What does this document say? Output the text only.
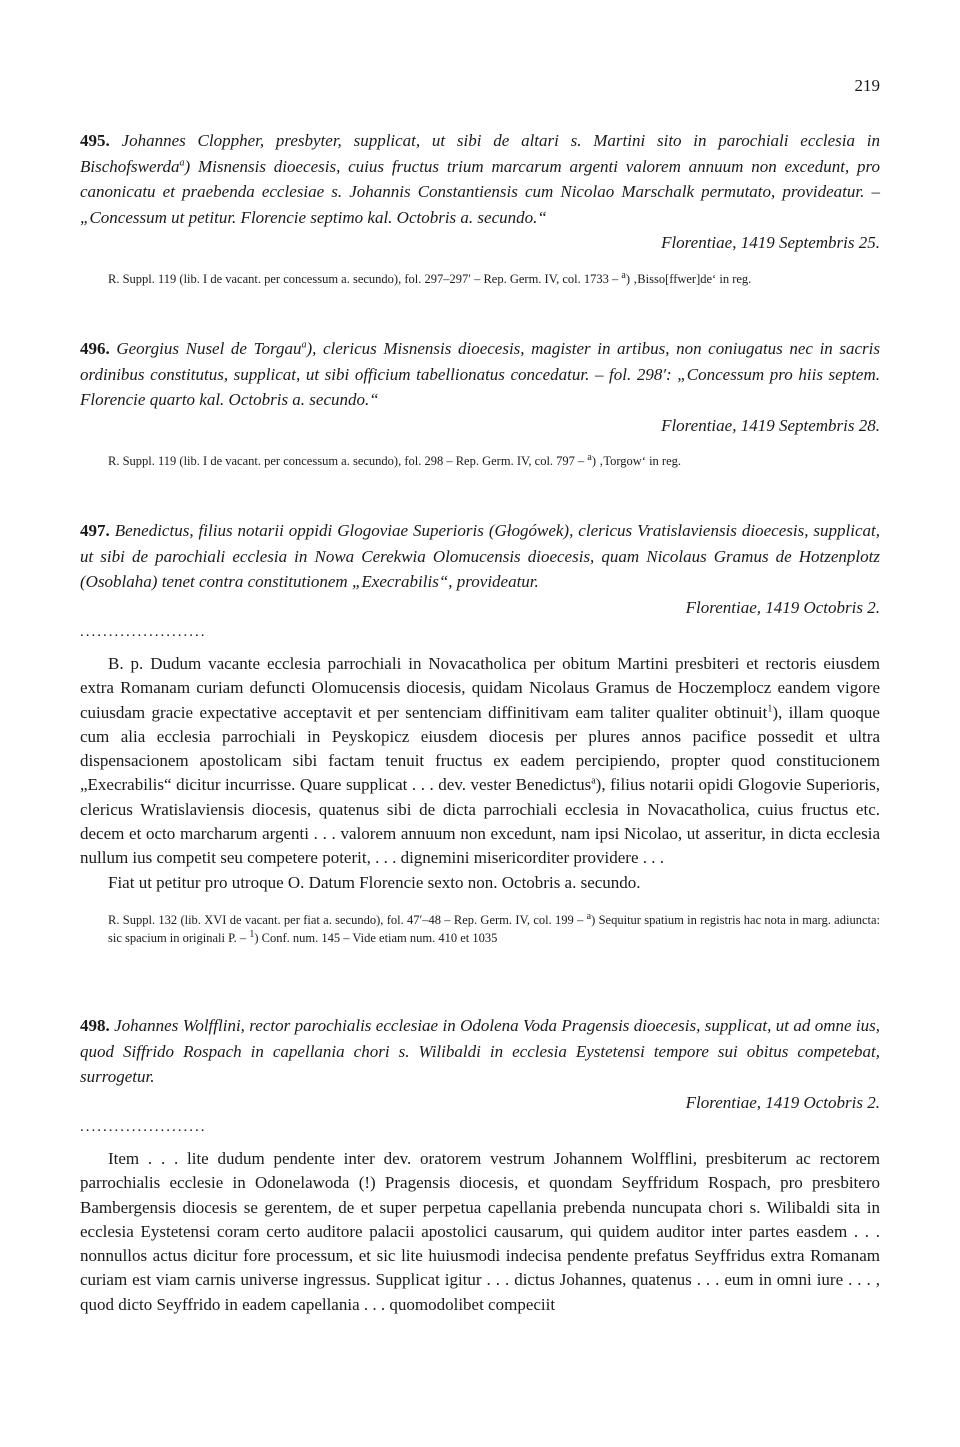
219

495. Johannes Cloppher, presbyter, supplicat, ut sibi de altari s. Martini sito in parochiali ecclesia in Bischofswerda$^a$) Misnensis dioecesis, cuius fructus trium marcarum argenti valorem annuum non excedunt, pro canonicatu et praebenda ecclesiae s. Johannis Constantiensis cum Nicolao Marschalk permutato, provideatur. – „Concessum ut petitur. Florencie septimo kal. Octobris a. secundo.“

Florentiae, 1419 Septembris 25.

R. Suppl. 119 (lib. I de vacant. per concessum a. secundo), fol. 297–297′ – Rep. Germ. IV, col. 1733 – $^a$) ‚Bisso[ffwer]de‘ in reg.

496. Georgius Nusel de Torgau$^a$), clericus Misnensis dioecesis, magister in artibus, non coniugatus nec in sacris ordinibus constitutus, supplicat, ut sibi officium tabellionatus concedatur. – fol. 298′: „Concessum pro hiis septem. Florencie quarto kal. Octobris a. secundo.“

Florentiae, 1419 Septembris 28.

R. Suppl. 119 (lib. I de vacant. per concessum a. secundo), fol. 298 – Rep. Germ. IV, col. 797 – $^a$) ‚Torgow‘ in reg.

497. Benedictus, filius notarii oppidi Glogoviae Superioris (Głogówek), clericus Vratislaviensis dioecesis, supplicat, ut sibi de parochiali ecclesia in Nowa Cerekwia Olomucensis dioecesis, quam Nicolaus Gramus de Hotzenplotz (Osoblaha) tenet contra constitutionem „Execrabilis“, provideatur.

Florentiae, 1419 Octobris 2.

......................

B. p. Dudum vacante ecclesia parrochiali in Novacatholica per obitum Martini presbiteri et rectoris eiusdem extra Romanam curiam defuncti Olomucensis diocesis, quidam Nicolaus Gramus de Hoczemplocz eandem vigore cuiusdam gracie expectative acceptavit et per sentenciam diffinitivam eam taliter qualiter obtinuit$^1$), illam quoque cum alia ecclesia parrochiali in Peyskopicz eiusdem diocesis per plures annos pacifice possedit et ultra dispensacionem apostolicam sibi factam tenuit fructus ex eadem percipiendo, propter quod constitucionem „Execrabilis“ dicitur incurrisse. Quare supplicat . . . dev. vester Benedictus$^a$), filius notarii opidi Glogovie Superioris, clericus Wratislaviensis diocesis, quatenus sibi de dicta parrochiali ecclesia in Novacatholica, cuius fructus etc. decem et octo marcharum argenti . . . valorem annuum non excedunt, nam ipsi Nicolao, ut asseritur, in dicta ecclesia nullum ius competit seu competere poterit, . . . dignemini misericorditer providere . . .

Fiat ut petitur pro utroque O. Datum Florencie sexto non. Octobris a. secundo.

R. Suppl. 132 (lib. XVI de vacant. per fiat a. secundo), fol. 47′–48 – Rep. Germ. IV, col. 199 – $^a$) Sequitur spatium in registris hac nota in marg. adiuncta: sic spacium in originali P. – $^1$) Conf. num. 145 – Vide etiam num. 410 et 1035

498. Johannes Wolfflini, rector parochialis ecclesiae in Odolena Voda Pragensis dioecesis, supplicat, ut ad omne ius, quod Siffrido Rospach in capellania chori s. Wilibaldi in ecclesia Eystetensi tempore sui obitus competebat, surrogetur.

Florentiae, 1419 Octobris 2.

......................

Item . . . lite dudum pendente inter dev. oratorem vestrum Johannem Wolfflini, presbiterum ac rectorem parrochialis ecclesie in Odonelawoda (!) Pragensis diocesis, et quondam Seyffridum Rospach, pro presbitero Bambergensis diocesis se gerentem, de et super perpetua capellania prebenda nuncupata chori s. Wilibaldi sita in ecclesia Eystetensi coram certo auditore palacii apostolici causarum, qui quidem auditor inter partes easdem . . . nonnullos actus dicitur fore processum, et sic lite huiusmodi indecisa pendente prefatus Seyffridus extra Romanam curiam est viam carnis universe ingressus. Supplicat igitur . . . dictus Johannes, quatenus . . . eum in omni iure . . . , quod dicto Seyffrido in eadem capellania . . . quomodolibet compeciit
